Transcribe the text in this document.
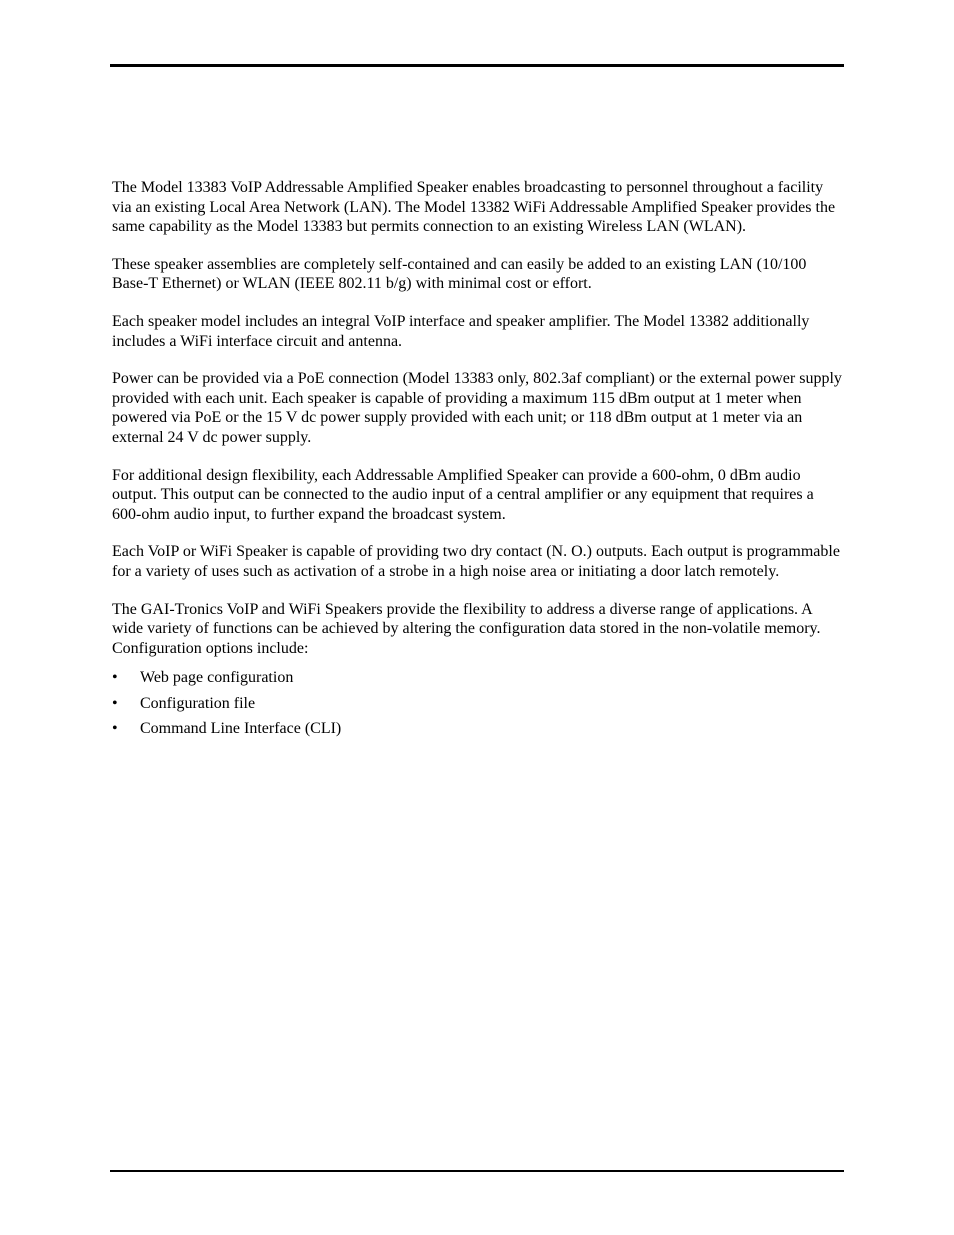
The Model 13383 VoIP Addressable Amplified Speaker enables broadcasting to personnel throughout a facility via an existing Local Area Network (LAN). The Model 13382 WiFi Addressable Amplified Speaker provides the same capability as the Model 13383 but permits connection to an existing Wireless LAN (WLAN).

These speaker assemblies are completely self-contained and can easily be added to an existing LAN (10/100 Base-T Ethernet) or WLAN (IEEE 802.11 b/g) with minimal cost or effort.

Each speaker model includes an integral VoIP interface and speaker amplifier. The Model 13382 additionally includes a WiFi interface circuit and antenna.

Power can be provided via a PoE connection (Model 13383 only, 802.3af compliant) or the external power supply provided with each unit. Each speaker is capable of providing a maximum 115 dBm output at 1 meter when powered via PoE or the 15 V dc power supply provided with each unit; or 118 dBm output at 1 meter via an external 24 V dc power supply.

For additional design flexibility, each Addressable Amplified Speaker can provide a 600-ohm, 0 dBm audio output. This output can be connected to the audio input of a central amplifier or any equipment that requires a 600-ohm audio input, to further expand the broadcast system.

Each VoIP or WiFi Speaker is capable of providing two dry contact (N. O.) outputs. Each output is programmable for a variety of uses such as activation of a strobe in a high noise area or initiating a door latch remotely.

The GAI-Tronics VoIP and WiFi Speakers provide the flexibility to address a diverse range of applications. A wide variety of functions can be achieved by altering the configuration data stored in the non-volatile memory. Configuration options include:

•	Web page configuration
•	Configuration file
•	Command Line Interface (CLI)
